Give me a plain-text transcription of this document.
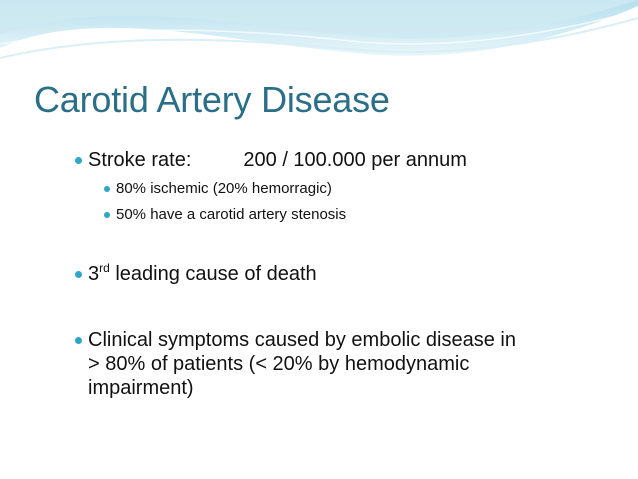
Carotid Artery Disease
Stroke rate:	200 / 100.000 per annum
80% ischemic (20% hemorragic)
50% have a carotid artery stenosis
3rd leading cause of death
Clinical symptoms caused by embolic disease in
> 80% of patients (< 20% by hemodynamic
impairment)
